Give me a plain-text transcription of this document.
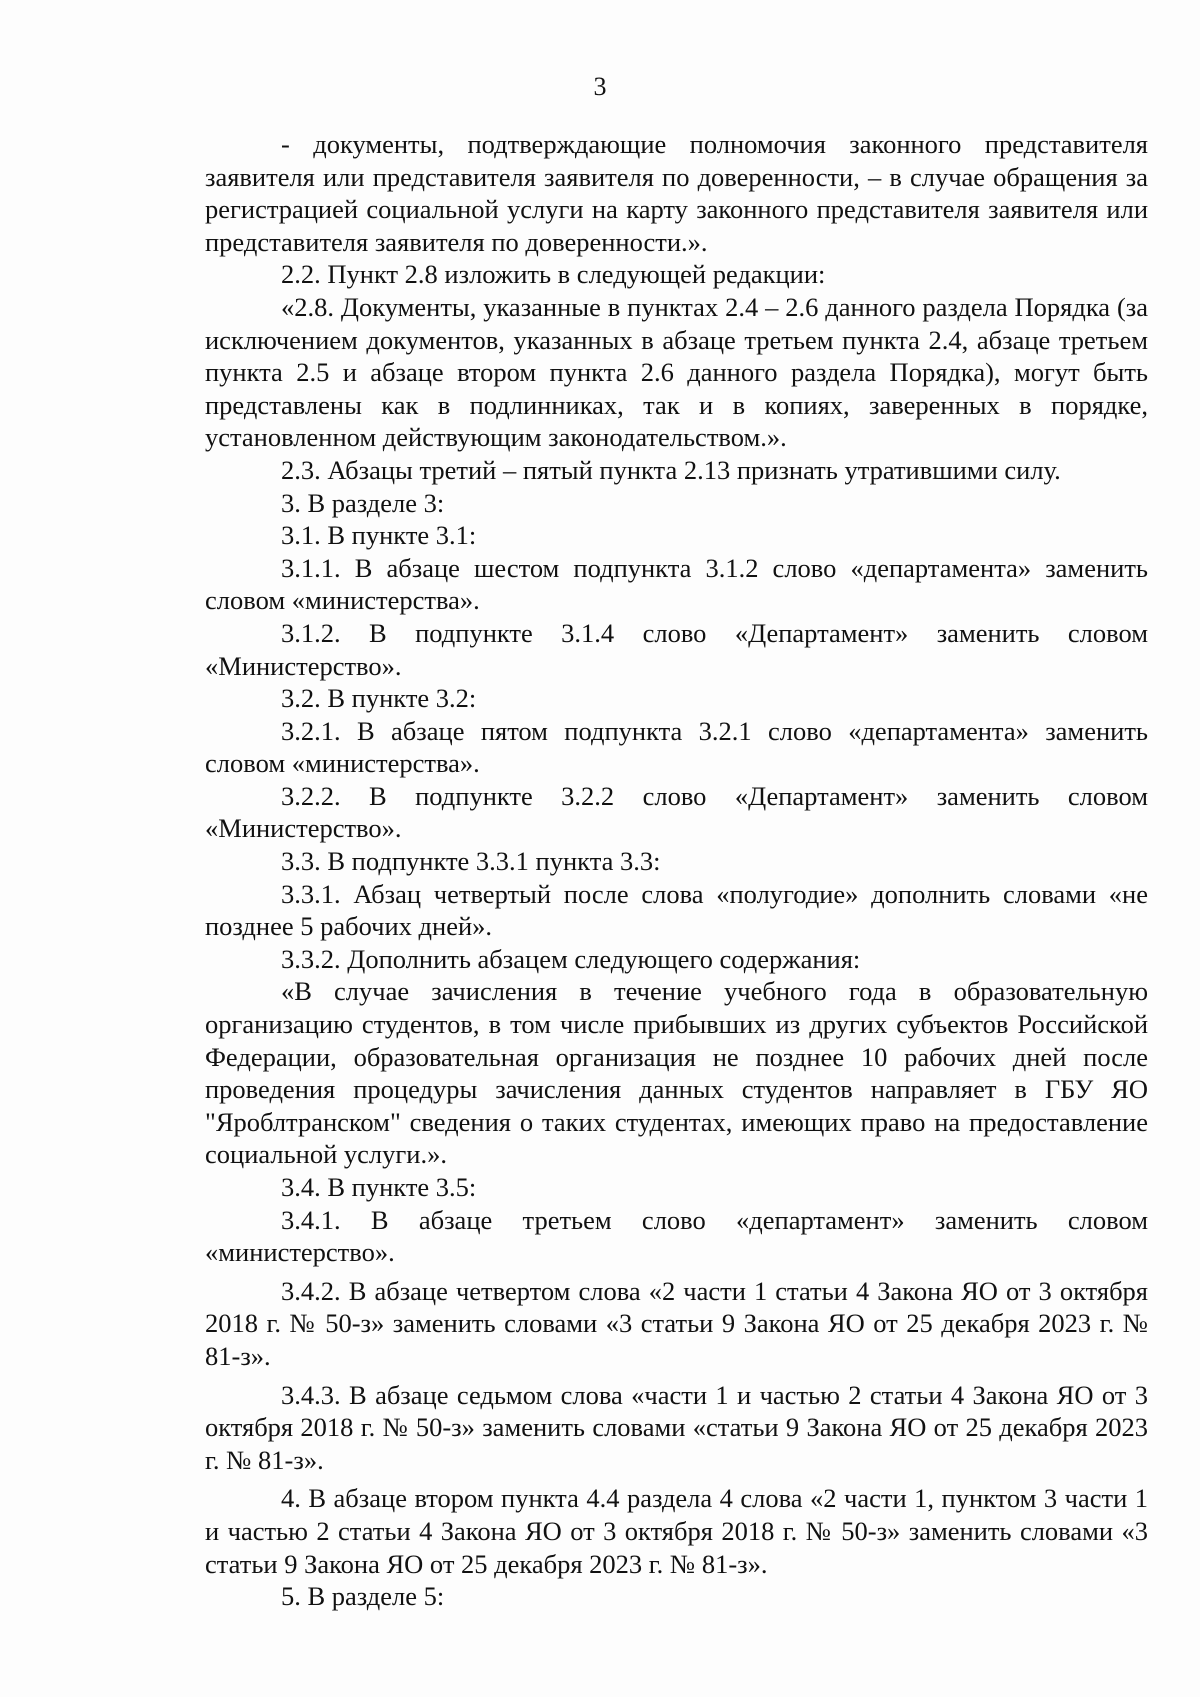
3

- документы, подтверждающие полномочия законного представителя заявителя или представителя заявителя по доверенности, – в случае обращения за регистрацией социальной услуги на карту законного представителя заявителя или представителя заявителя по доверенности.».

2.2. Пункт 2.8 изложить в следующей редакции:

«2.8. Документы, указанные в пунктах 2.4 – 2.6 данного раздела Порядка (за исключением документов, указанных в абзаце третьем пункта 2.4, абзаце третьем пункта 2.5 и абзаце втором пункта 2.6 данного раздела Порядка), могут быть представлены как в подлинниках, так и в копиях, заверенных в порядке, установленном действующим законодательством.».

2.3. Абзацы третий – пятый пункта 2.13 признать утратившими силу.

3. В разделе 3:

3.1. В пункте 3.1:

3.1.1. В абзаце шестом подпункта 3.1.2 слово «департамента» заменить словом «министерства».

3.1.2. В подпункте 3.1.4 слово «Департамент» заменить словом «Министерство».

3.2. В пункте 3.2:

3.2.1. В абзаце пятом подпункта 3.2.1 слово «департамента» заменить словом «министерства».

3.2.2. В подпункте 3.2.2 слово «Департамент» заменить словом «Министерство».

3.3. В подпункте 3.3.1 пункта 3.3:

3.3.1. Абзац четвертый после слова «полугодие» дополнить словами «не позднее 5 рабочих дней».

3.3.2. Дополнить абзацем следующего содержания:

«В случае зачисления в течение учебного года в образовательную организацию студентов, в том числе прибывших из других субъектов Российской Федерации, образовательная организация не позднее 10 рабочих дней после проведения процедуры зачисления данных студентов направляет в ГБУ ЯО "Яроблтранском" сведения о таких студентах, имеющих право на предоставление социальной услуги.».

3.4. В пункте 3.5:

3.4.1. В абзаце третьем слово «департамент» заменить словом «министерство».

3.4.2. В абзаце четвертом слова «2 части 1 статьи 4 Закона ЯО от 3 октября 2018 г. № 50-з» заменить словами «3 статьи 9 Закона ЯО от 25 декабря 2023 г. № 81-з».

3.4.3. В абзаце седьмом слова «части 1 и частью 2 статьи 4 Закона ЯО от 3 октября 2018 г. № 50-з» заменить словами «статьи 9 Закона ЯО от 25 декабря 2023 г. № 81-з».

4. В абзаце втором пункта 4.4 раздела 4 слова «2 части 1, пунктом 3 части 1 и частью 2 статьи 4 Закона ЯО от 3 октября 2018 г. № 50-з» заменить словами «3 статьи 9 Закона ЯО от 25 декабря 2023 г. № 81-з».

5. В разделе 5:
